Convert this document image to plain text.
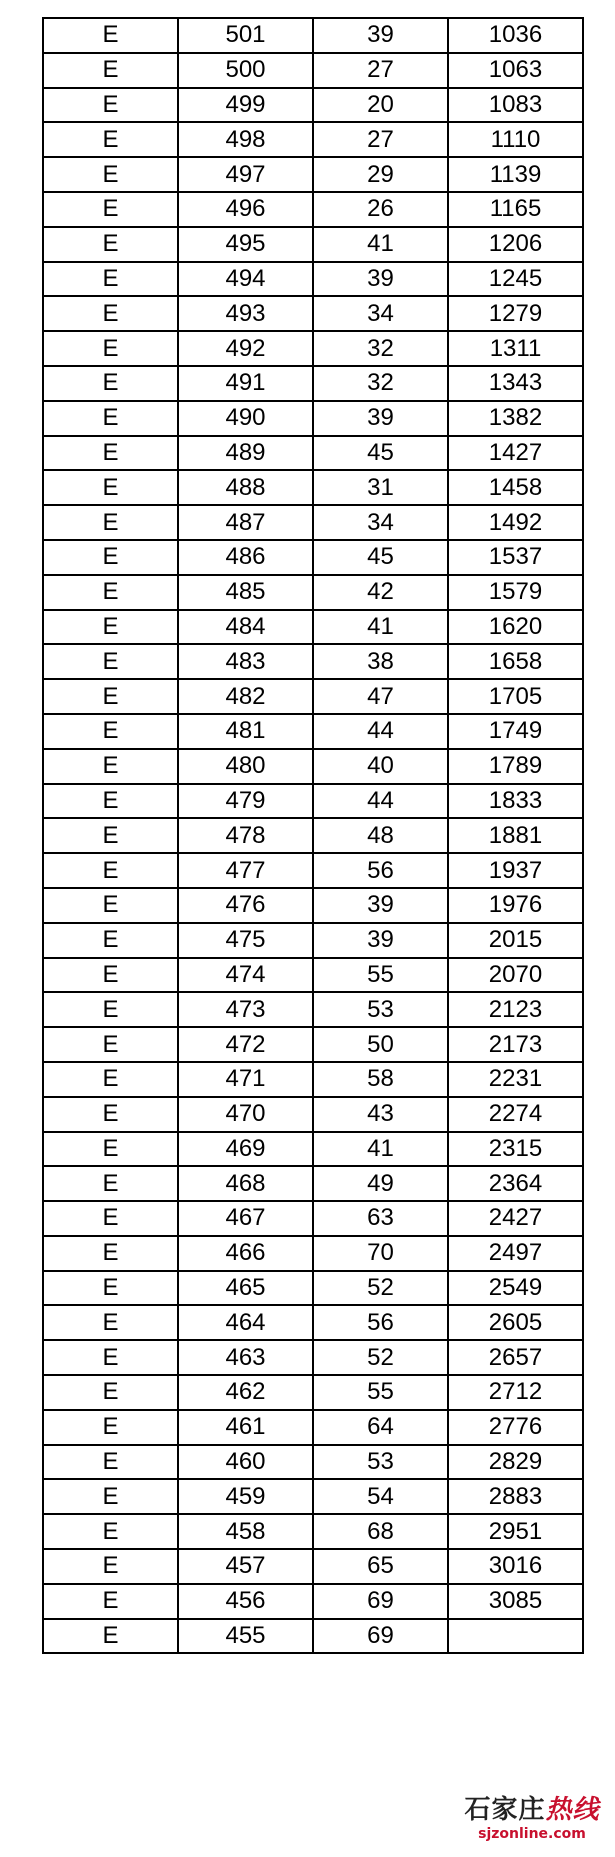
E	501	39	1036
E	500	27	1063
E	499	20	1083
E	498	27	1110
E	497	29	1139
E	496	26	1165
E	495	41	1206
E	494	39	1245
E	493	34	1279
E	492	32	1311
E	491	32	1343
E	490	39	1382
E	489	45	1427
E	488	31	1458
E	487	34	1492
E	486	45	1537
E	485	42	1579
E	484	41	1620
E	483	38	1658
E	482	47	1705
E	481	44	1749
E	480	40	1789
E	479	44	1833
E	478	48	1881
E	477	56	1937
E	476	39	1976
E	475	39	2015
E	474	55	2070
E	473	53	2123
E	472	50	2173
E	471	58	2231
E	470	43	2274
E	469	41	2315
E	468	49	2364
E	467	63	2427
E	466	70	2497
E	465	52	2549
E	464	56	2605
E	463	52	2657
E	462	55	2712
E	461	64	2776
E	460	53	2829
E	459	54	2883
E	458	68	2951
E	457	65	3016
E	456	69	3085
E	455	69	
石家庄热线
sjzonline.com
